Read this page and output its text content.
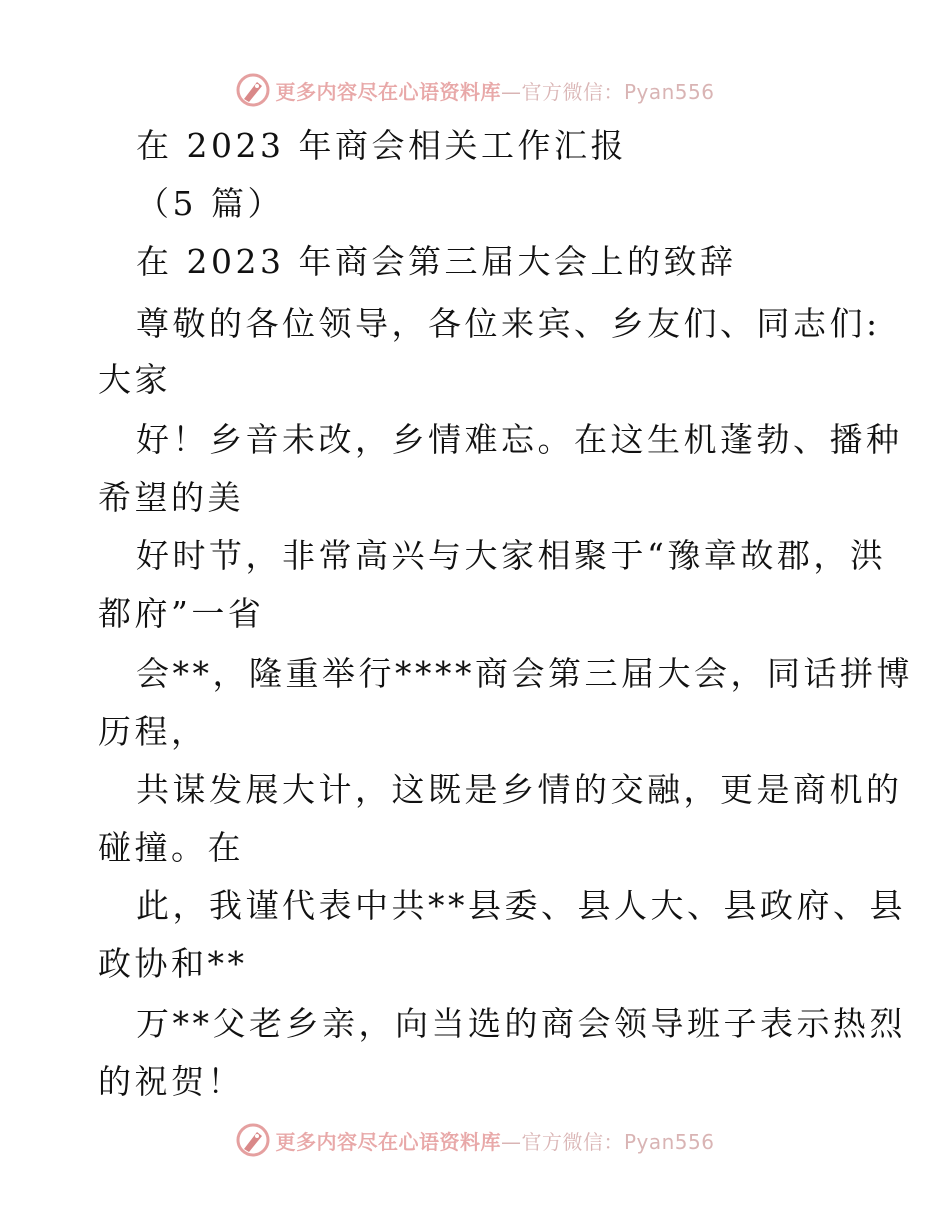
更多内容尽在心语资料库—官方微信：Pyan556
在 2023 年商会相关工作汇报
（5 篇）
在 2023 年商会第三届大会上的致辞
尊敬的各位领导，各位来宾、乡友们、同志们:
大家
好！乡音未改，乡情难忘。在这生机蓬勃、播种
希望的美
好时节，非常高兴与大家相聚于“豫章故郡，洪
都府”一省
会**，隆重举行****商会第三届大会，同话拼博
历程，
共谋发展大计，这既是乡情的交融，更是商机的
碰撞。在
此，我谨代表中共**县委、县人大、县政府、县
政协和**
万**父老乡亲，向当选的商会领导班子表示热烈
的祝贺！
更多内容尽在心语资料库—官方微信：Pyan556
